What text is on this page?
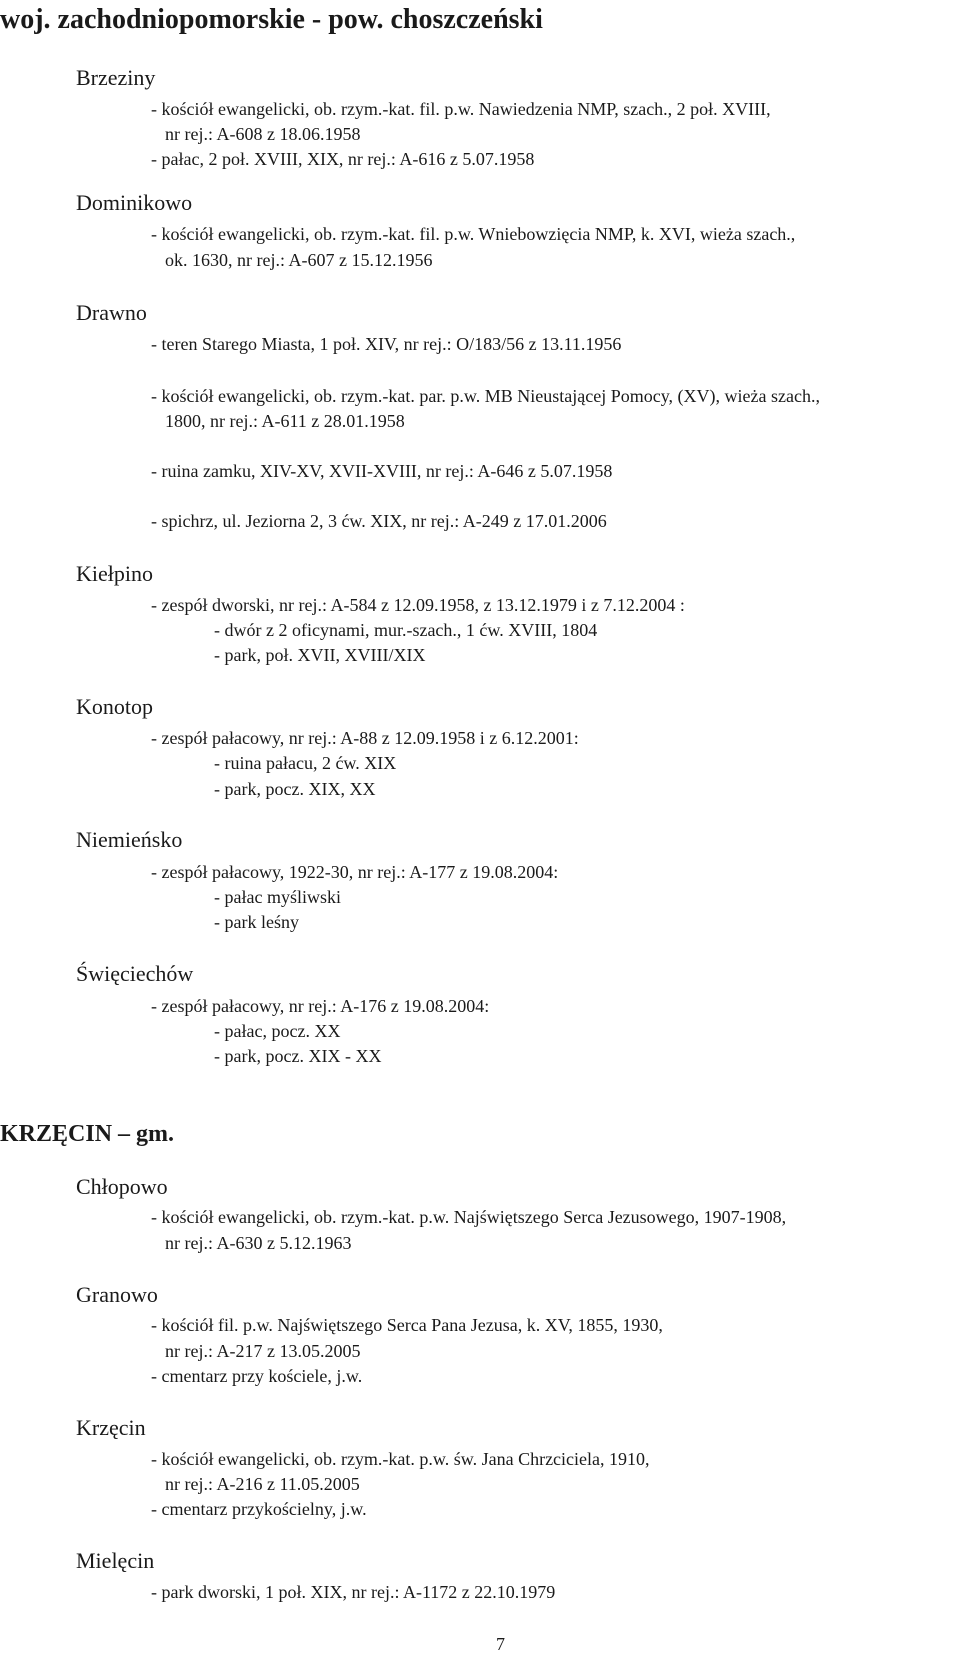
woj. zachodniopomorskie - pow. choszczeński
Brzeziny
- kościół ewangelicki, ob. rzym.-kat. fil. p.w. Nawiedzenia NMP, szach., 2 poł. XVIII,
nr rej.: A-608 z 18.06.1958
- pałac, 2 poł. XVIII, XIX, nr rej.: A-616 z 5.07.1958
Dominikowo
- kościół ewangelicki, ob. rzym.-kat. fil. p.w. Wniebowzięcia NMP, k. XVI, wieża szach.,
ok. 1630, nr rej.: A-607 z 15.12.1956
Drawno
- teren Starego Miasta, 1 poł. XIV, nr rej.: O/183/56 z 13.11.1956
- kościół ewangelicki, ob. rzym.-kat. par. p.w. MB Nieustającej Pomocy, (XV), wieża szach.,
1800, nr rej.: A-611 z 28.01.1958
- ruina zamku, XIV-XV, XVII-XVIII, nr rej.: A-646 z 5.07.1958
- spichrz, ul. Jeziorna 2, 3 ćw. XIX, nr rej.: A-249 z 17.01.2006
Kiełpino
- zespół dworski, nr rej.: A-584 z 12.09.1958, z 13.12.1979 i z 7.12.2004 :
- dwór z 2 oficynami, mur.-szach., 1 ćw. XVIII, 1804
- park, poł. XVII, XVIII/XIX
Konotop
- zespół pałacowy, nr rej.: A-88 z 12.09.1958 i z 6.12.2001:
- ruina pałacu, 2 ćw. XIX
- park, pocz. XIX, XX
Niemieńsko
- zespół pałacowy, 1922-30, nr rej.: A-177 z 19.08.2004:
- pałac myśliwski
- park leśny
Święciechów
- zespół pałacowy, nr rej.: A-176 z 19.08.2004:
- pałac, pocz. XX
- park, pocz. XIX - XX
KRZĘCIN – gm.
Chłopowo
- kościół ewangelicki, ob. rzym.-kat. p.w. Najświętszego Serca Jezusowego, 1907-1908,
nr rej.: A-630 z 5.12.1963
Granowo
- kościół fil. p.w. Najświętszego Serca Pana Jezusa, k. XV, 1855, 1930,
nr rej.: A-217 z 13.05.2005
- cmentarz przy kościele, j.w.
Krzęcin
- kościół ewangelicki, ob. rzym.-kat. p.w. św. Jana Chrzciciela, 1910,
nr rej.: A-216 z 11.05.2005
- cmentarz przykościelny, j.w.
Mielęcin
- park dworski, 1 poł. XIX, nr rej.: A-1172 z 22.10.1979
7
